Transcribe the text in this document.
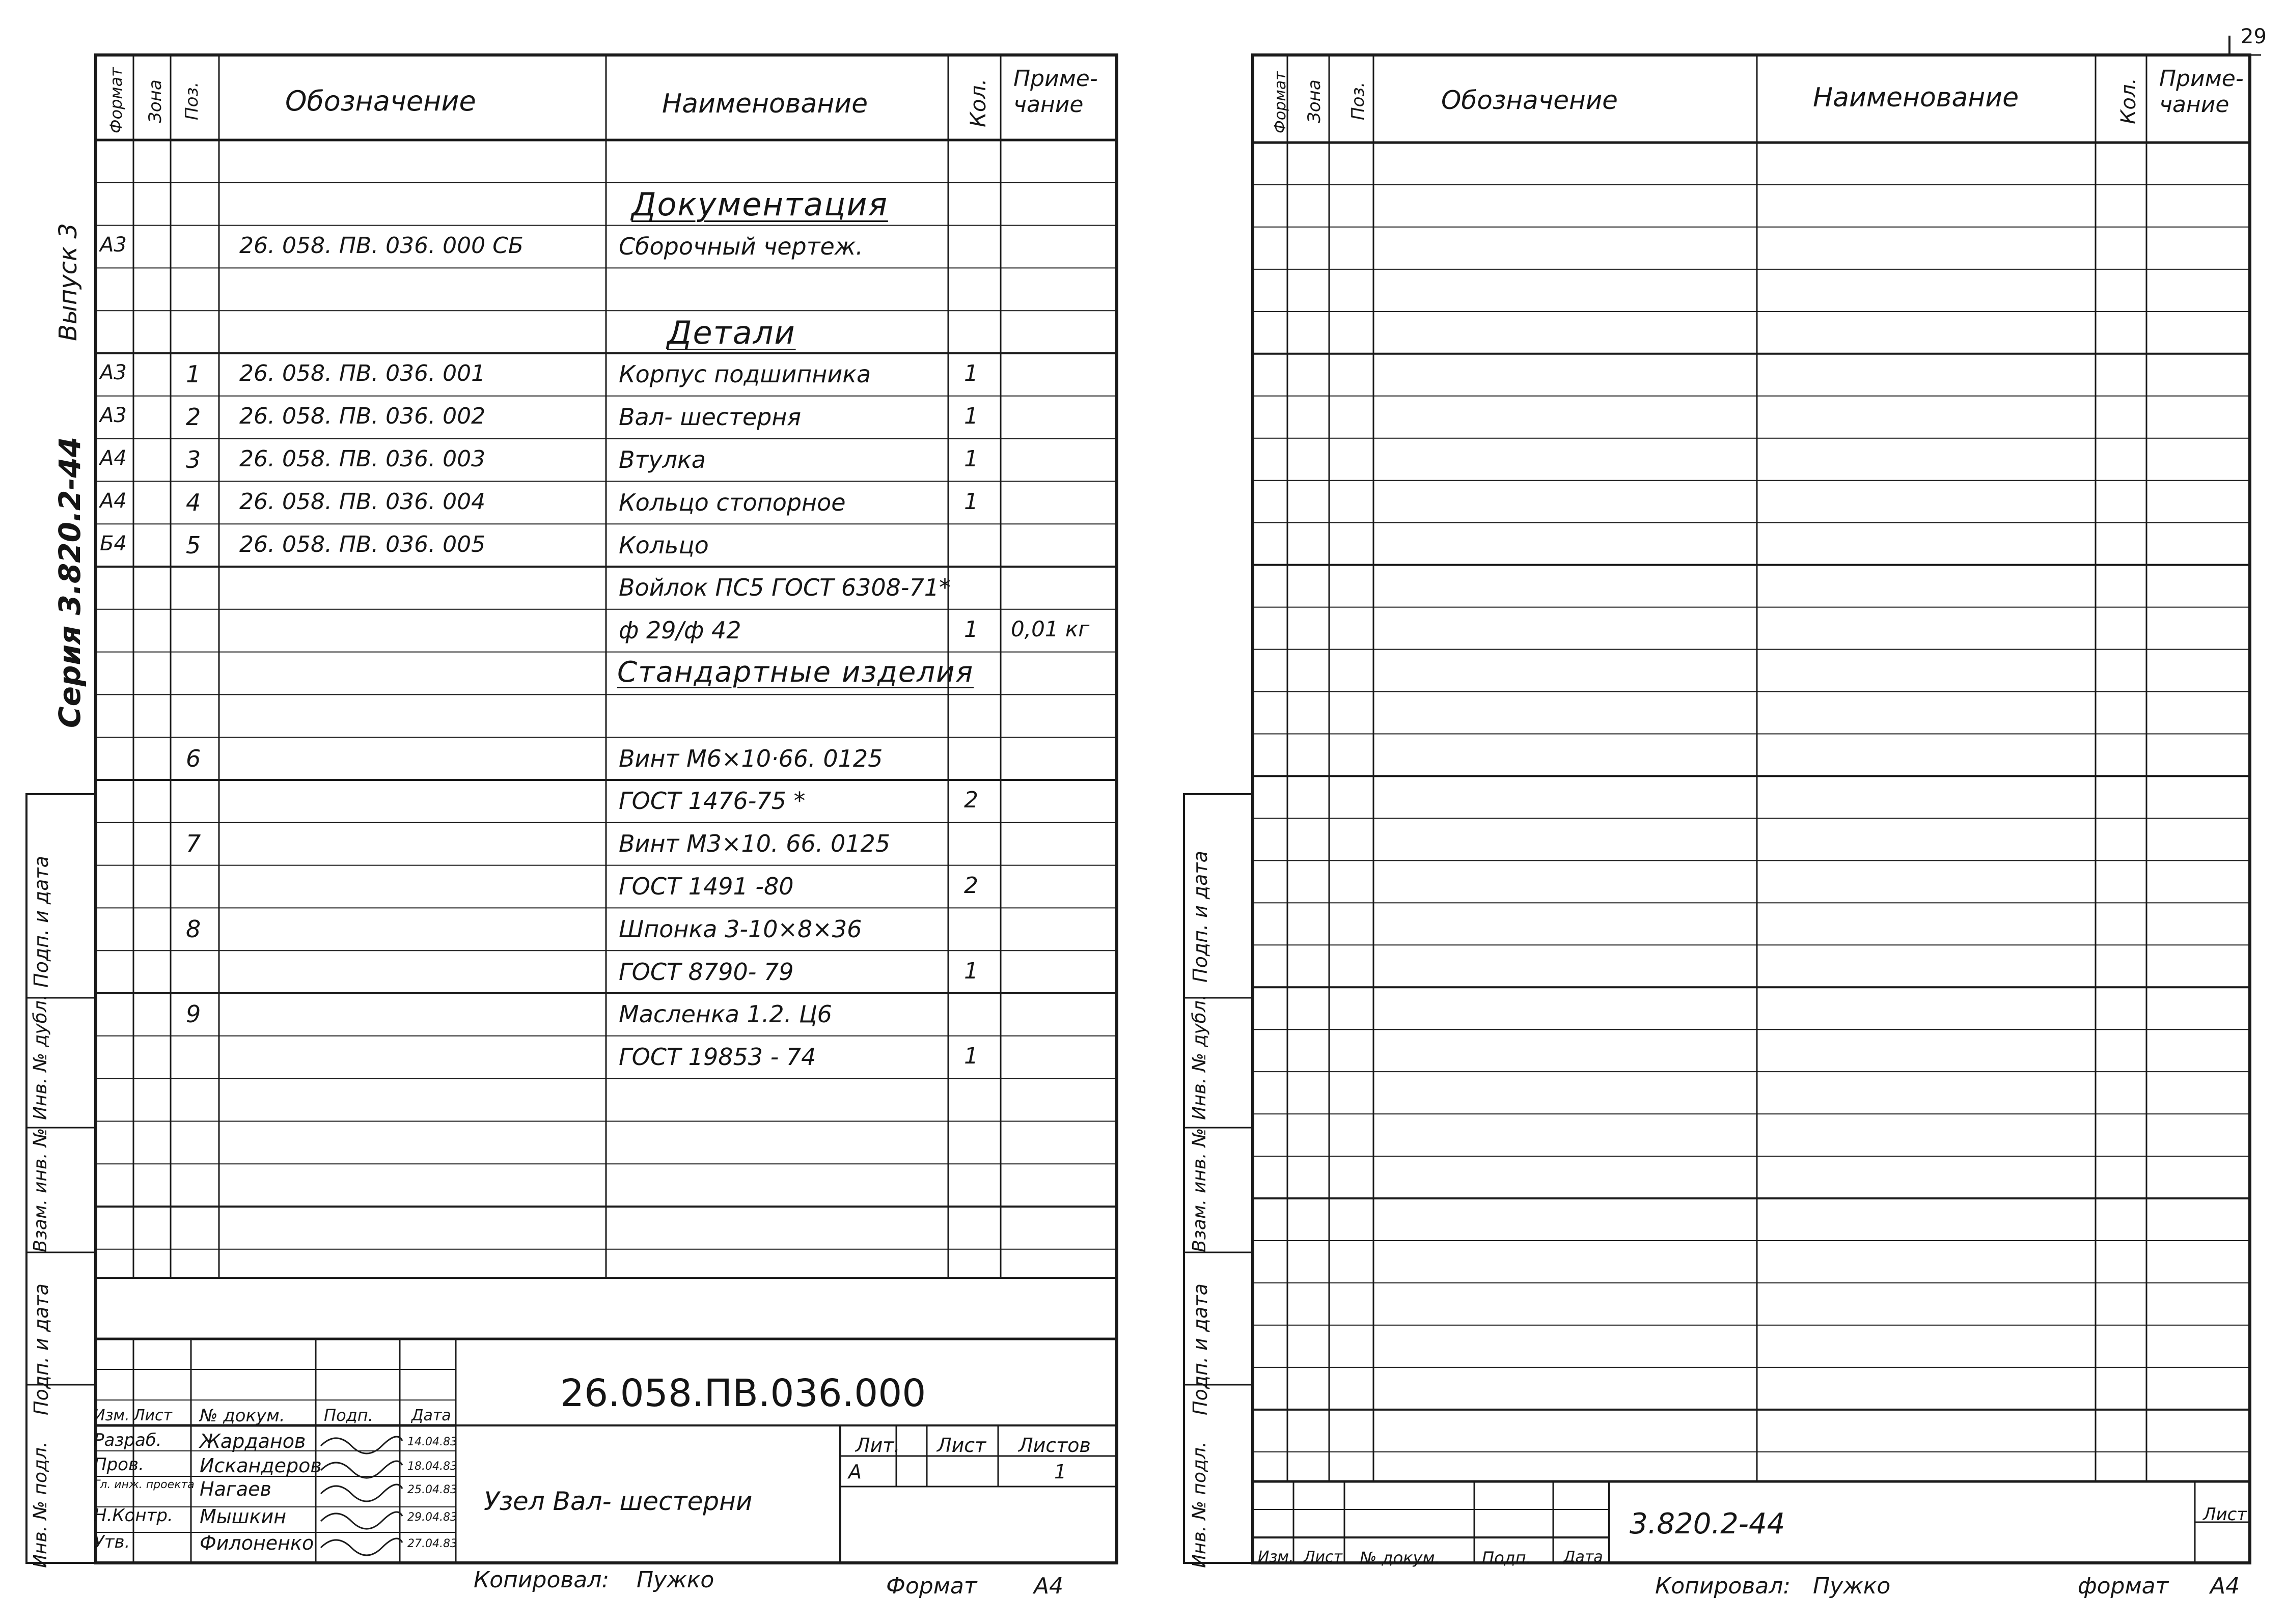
Выпуск 3
Серия 3.820.2-44
Подп. и дата
Инв. № дубл.
Взам. инв. №
Подп. и дата
Инв. № подл.
Формат Зона Поз.	Обозначение	Наименование	Кол. Приме-
чание
Документация
A3	26. 058. ПВ. 036. 000 СБ	Сборочный чертеж.
Детали
A3	1 26. 058. ПВ. 036. 001	Корпус подшипника	1
A3	2 26. 058. ПВ. 036. 002	Вал- шестерня	1
A4	3 26. 058. ПВ. 036. 003	Втулка	1
A4	4 26. 058. ПВ. 036. 004	Кольцо стопорное	1
Б4	5 26. 058. ПВ. 036. 005	Кольцо
Войлок ПС5 ГОСТ 6308-71*
ф 29/ф 42	1 0,01 кг
Стандартные изделия
6	Винт М6×10·66. 0125
ГОСТ 1476-75 *	2
7	Винт М3×10. 66. 0125
ГОСТ 1491 -80	2
8	Шпонка 3-10×8×36
ГОСТ 8790- 79	1
9	Масленка 1.2. Ц6
ГОСТ 19853 - 74	1
26.058.ПВ.036.000
Изм. Лист № докум. Подп.	Дата
Разраб. Жарданов	14.04.83
Пров.	Искандеров	18.04.83
Гл. инж. проекта Нагаев	25.04.83
Н.Контр. Мышкин	29.04.83
Утв.	Филоненко	27.04.83
Узел Вал- шестерни
Лит. Лист Листов
А	1
Копировал: Пужко	Формат	А4
29
Подп. и дата
Инв. № дубл.
Взам. инв. №
Подп. и дата
Инв. № подл.
Формат Зона Поз.	Обозначение	Наименование	Кол. Приме-
чание
3.820.2-44	Лист
Изм. Лист № докум.	Подп. Дата
Копировал: Пужко	формат А4
